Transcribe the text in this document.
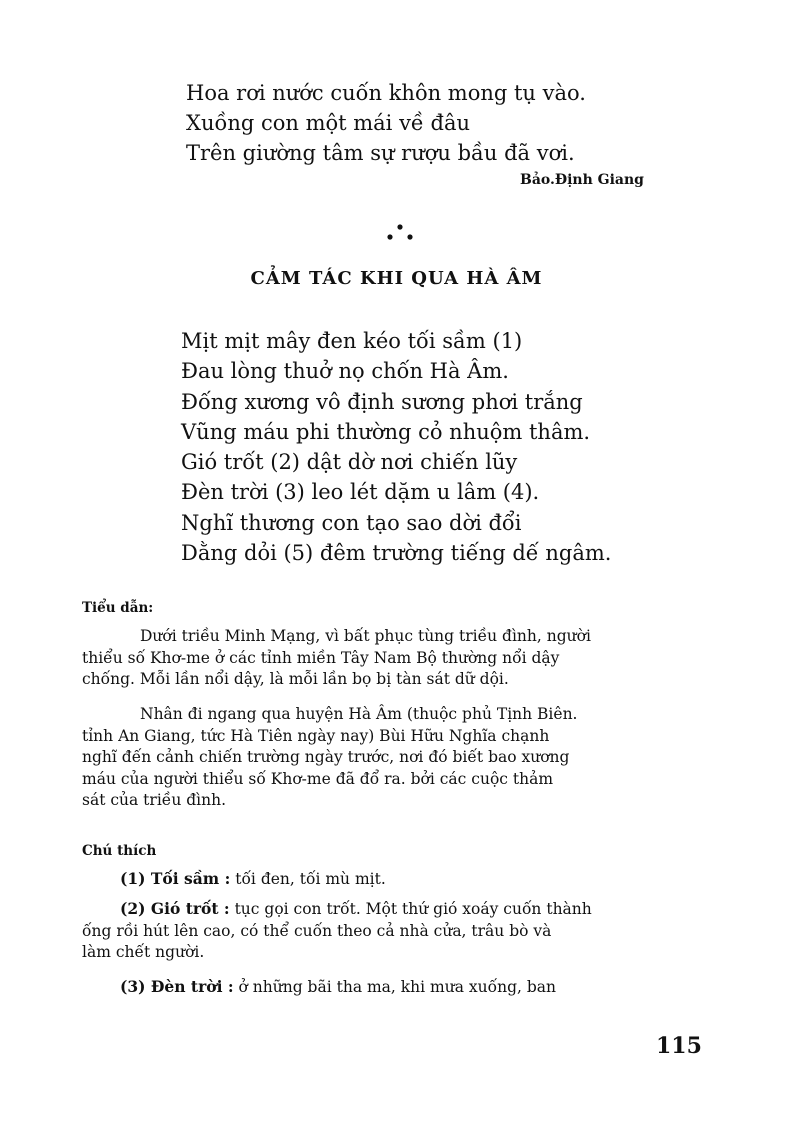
Hoa rơi nước cuốn khôn mong tụ vào.
Xuồng con một mái về đâu
Trên giường tâm sự rượu bầu đã vơi.
Bảo.Định Giang
CẢM TÁC KHI QUA HÀ ÂM
Mịt mịt mây đen kéo tối sầm (1)
Đau lòng thuở nọ chốn Hà Âm.
Đống xương vô định sương phơi trắng
Vũng máu phi thường cỏ nhuộm thâm.
Gió trốt (2) dật dờ nơi chiến lũy
Đèn trời (3) leo lét dặm u lâm (4).
Nghĩ thương con tạo sao dời đổi
Dằng dỏi (5) đêm trường tiếng dế ngâm.
Tiểu dẫn:
Dưới triều Minh Mạng, vì bất phục tùng triều đình, người
thiểu số Khơ-me ở các tỉnh miền Tây Nam Bộ thường nổi dậy
chống. Mỗi lần nổi dậy, là mỗi lần bọ bị tàn sát dữ dội.
Nhân đi ngang qua huyện Hà Âm (thuộc phủ Tịnh Biên.
tỉnh An Giang, tức Hà Tiên ngày nay) Bùi Hữu Nghĩa chạnh
nghĩ đến cảnh chiến trường ngày trước, nơi đó biết bao xương
máu của người thiểu số Khơ-me đã đổ ra. bởi các cuộc thảm
sát của triều đình.
Chú thích
(1) Tối sầm : tối đen, tối mù mịt.
(2) Gió trốt : tục gọi con trốt. Một thứ gió xoáy cuốn thành
ống rồi hút lên cao, có thể cuốn theo cả nhà cửa, trâu bò và
làm chết người.
(3) Đèn trời : ở những bãi tha ma, khi mưa xuống, ban
115
